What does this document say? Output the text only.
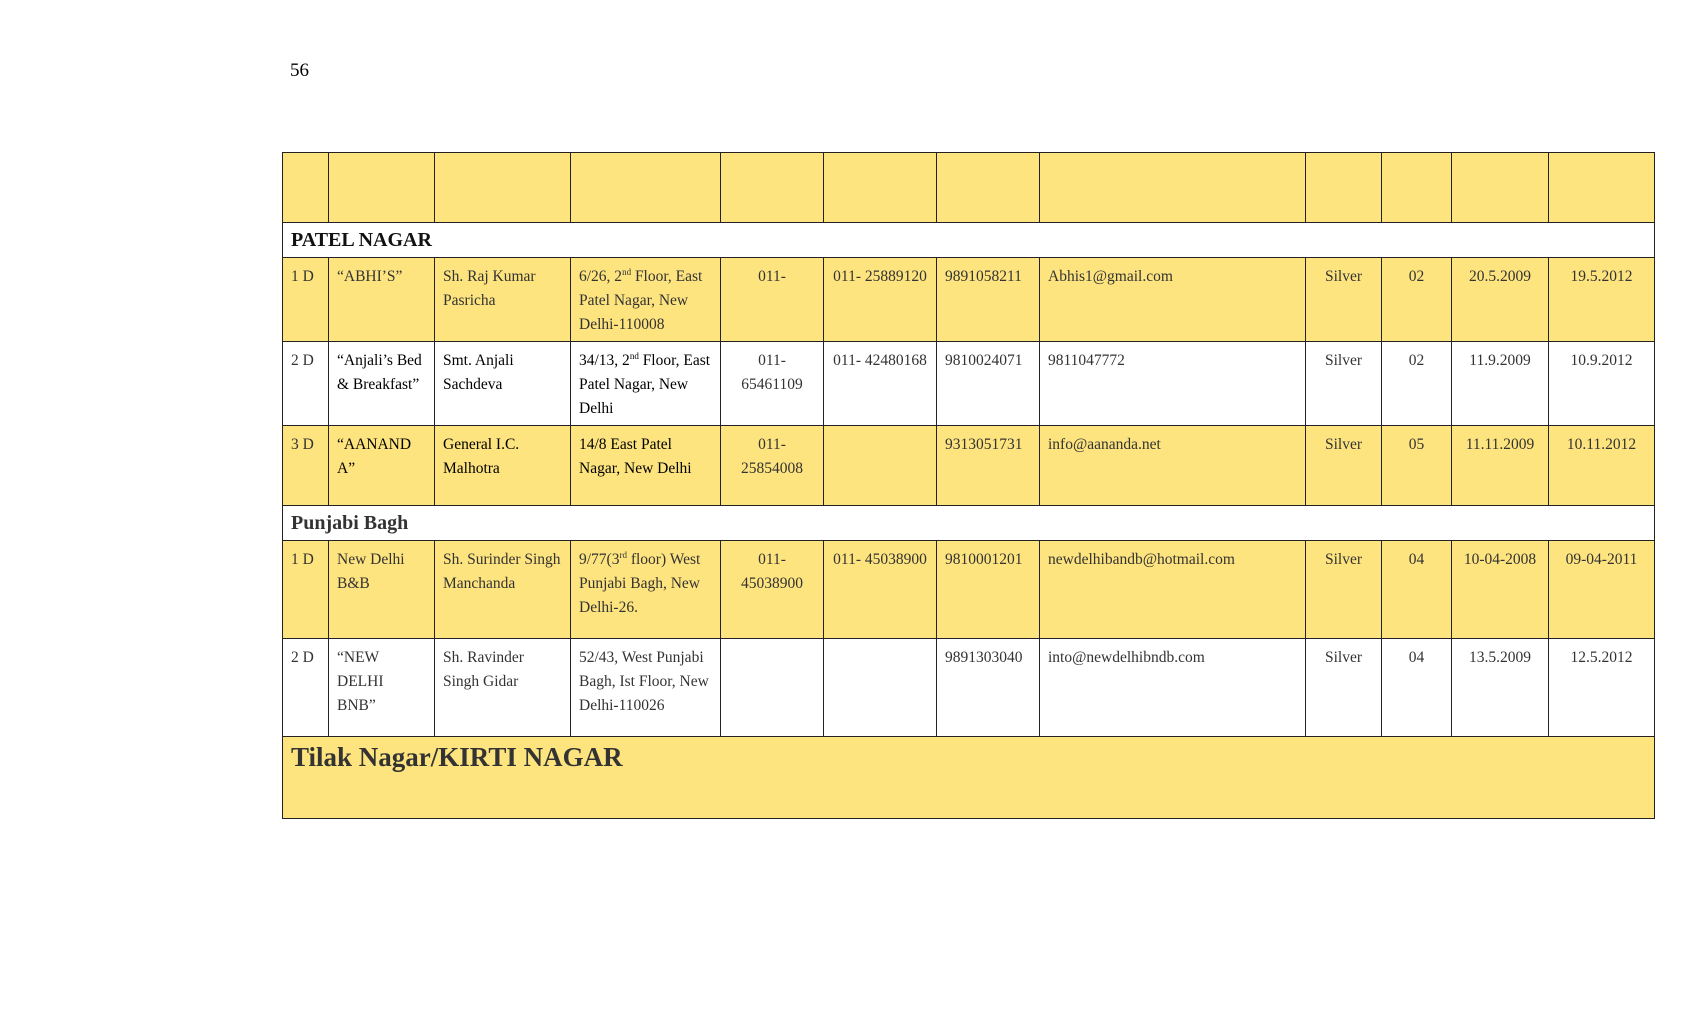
56

PATEL NAGAR											
1 D	“ABHI’S”	Sh. Raj Kumar Pasricha	6/26, 2nd Floor, East Patel Nagar, New Delhi-110008	011-	011- 25889120	9891058211	Abhis1@gmail.com	Silver	02	20.5.2009	19.5.2012
2 D	“Anjali’s Bed & Breakfast”	Smt. Anjali Sachdeva	34/13, 2nd Floor, East Patel Nagar, New Delhi	011- 65461109	011- 42480168	9810024071	9811047772	Silver	02	11.9.2009	10.9.2012
3 D	“AANAND A”	General I.C. Malhotra	14/8 East Patel Nagar, New Delhi	011- 25854008		9313051731	info@aananda.net	Silver	05	11.11.2009	10.11.2012
Punjabi Bagh											
1 D	New Delhi B&B	Sh. Surinder Singh Manchanda	9/77(3rd floor) West Punjabi Bagh, New Delhi-26.	011- 45038900	011- 45038900	9810001201	newdelhibandb@hotmail.com	Silver	04	10-04-2008	09-04-2011
2 D	“NEW DELHI BNB”	Sh. Ravinder Singh Gidar	52/43, West Punjabi Bagh, Ist Floor, New Delhi-110026			9891303040	into@newdelhibndb.com	Silver	04	13.5.2009	12.5.2012
Tilak Nagar/KIRTI NAGAR											
